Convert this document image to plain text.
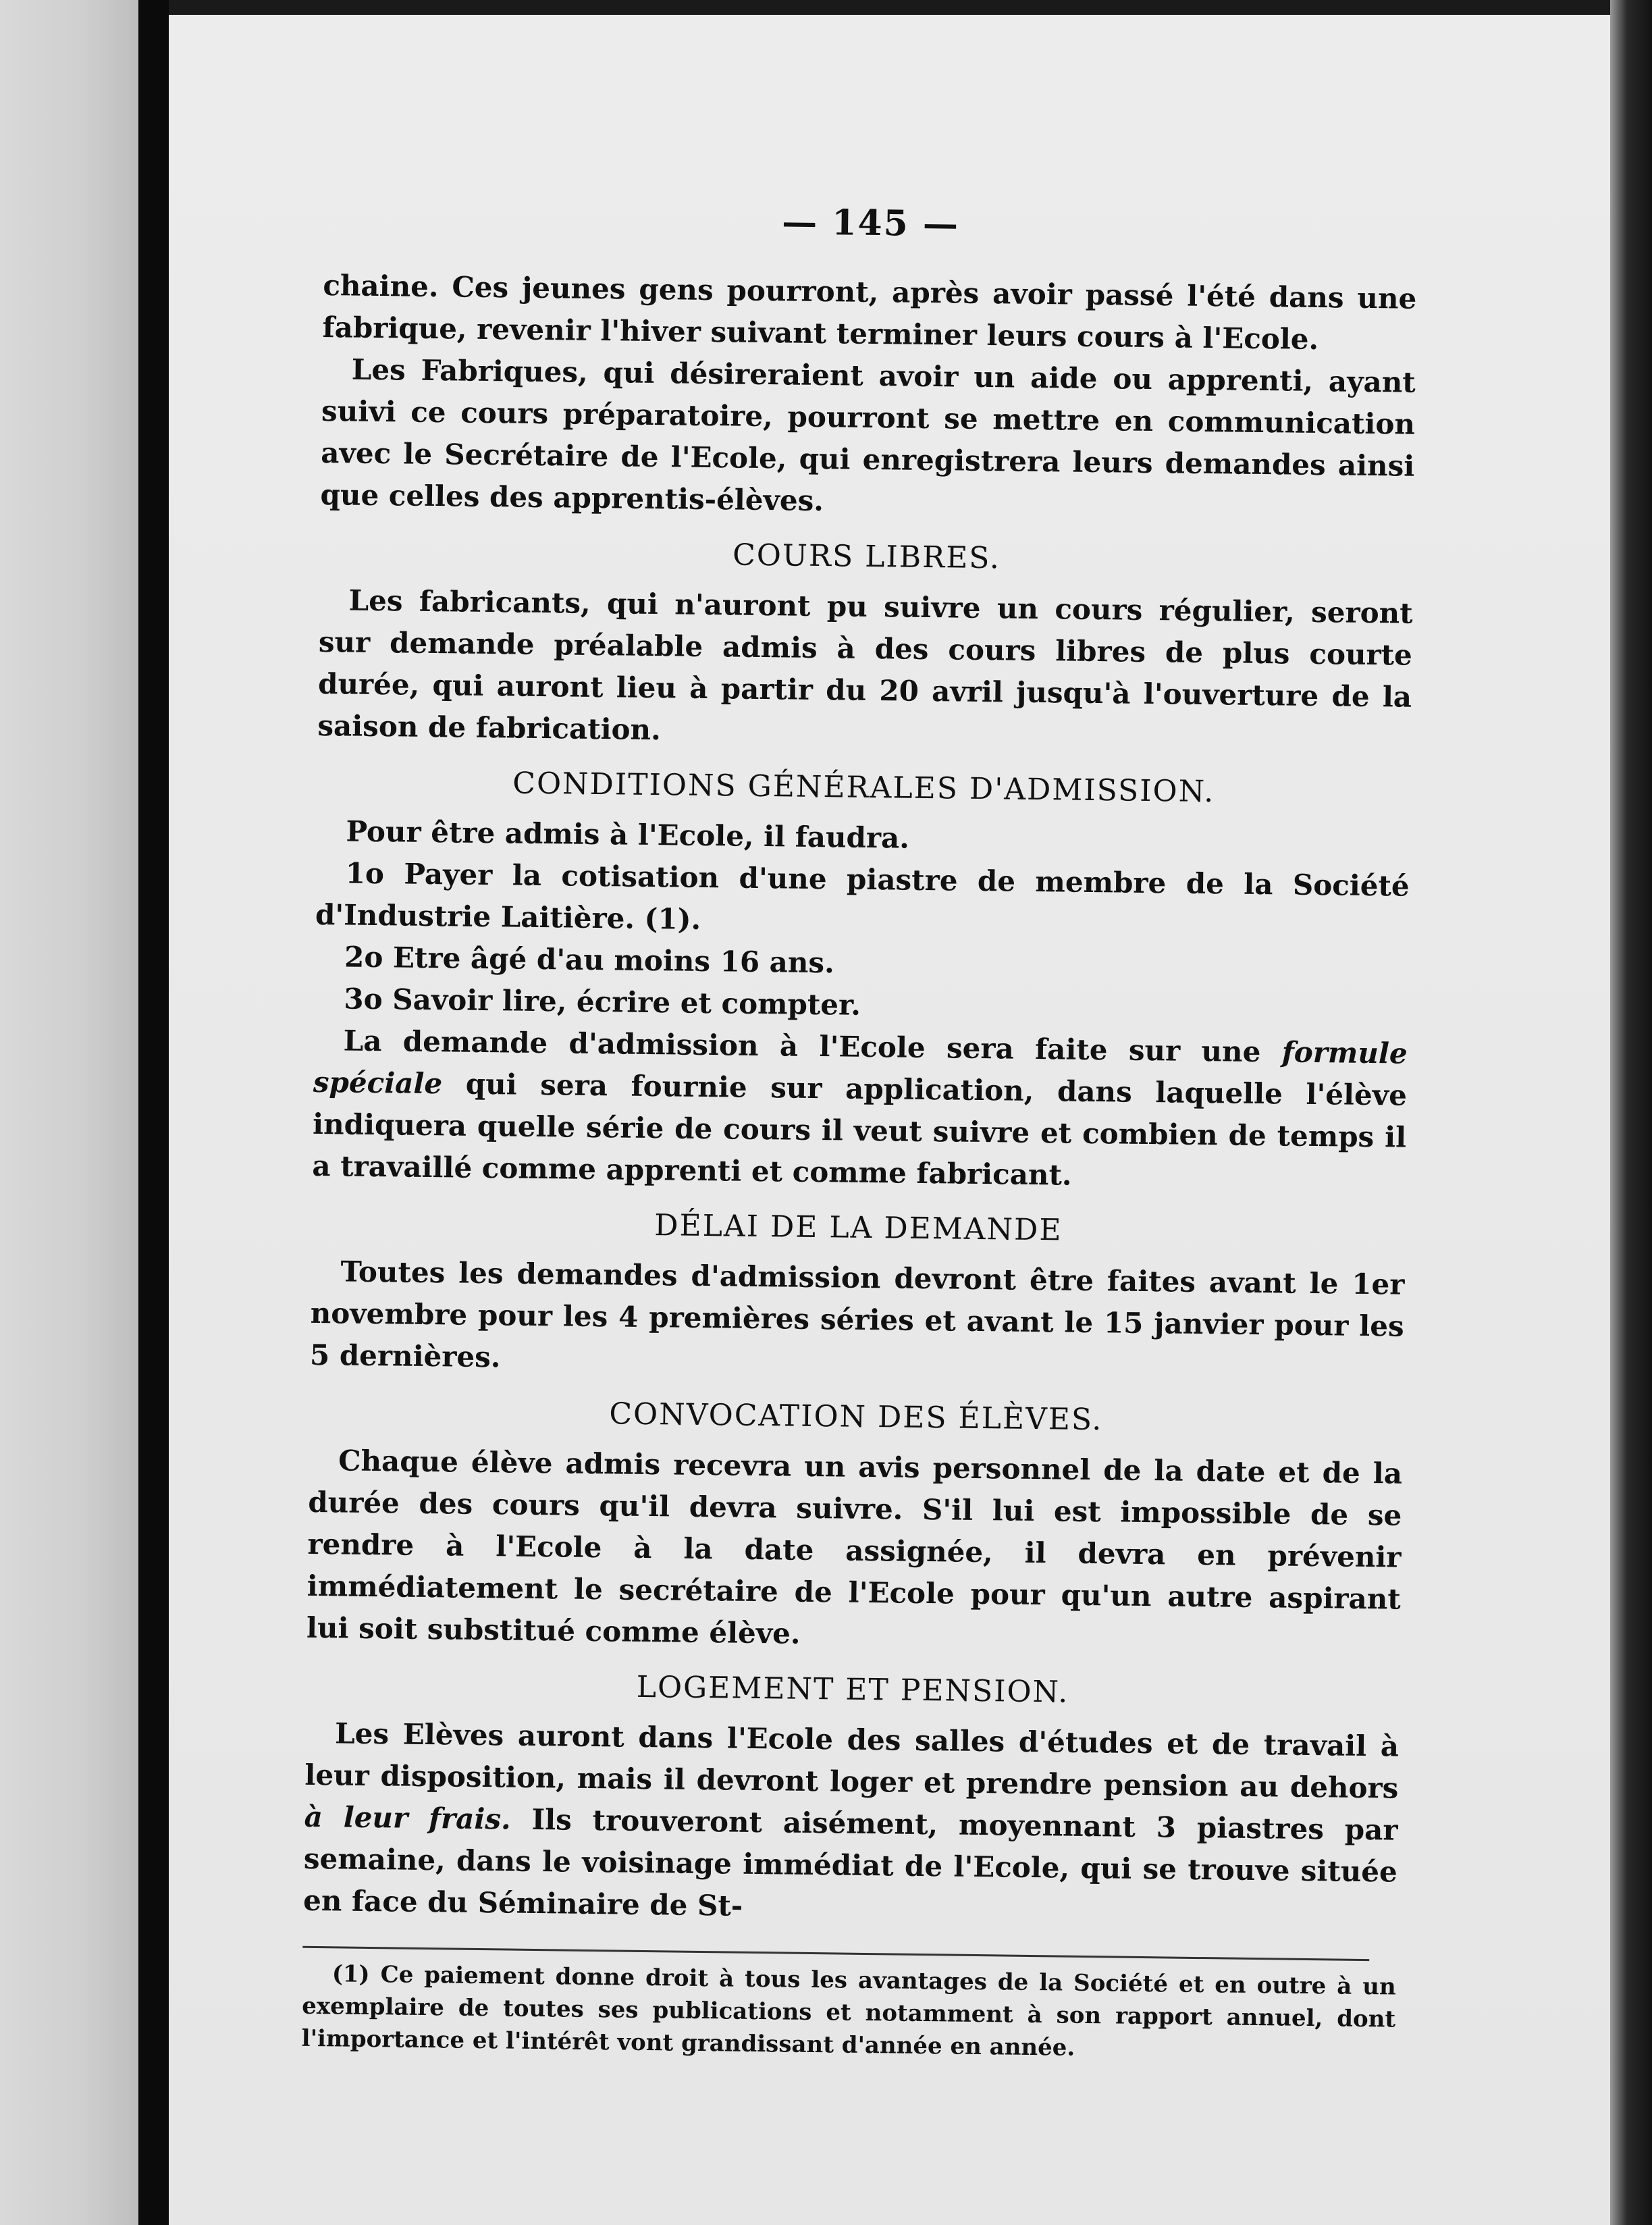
— 145 —

chaine. Ces jeunes gens pourront, après avoir passé l'été dans une fabrique, revenir l'hiver suivant terminer leurs cours à l'Ecole.

Les Fabriques, qui désireraient avoir un aide ou apprenti, ayant suivi ce cours préparatoire, pourront se mettre en communication avec le Secrétaire de l'Ecole, qui enregistrera leurs demandes ainsi que celles des apprentis-élèves.

COURS LIBRES.

Les fabricants, qui n'auront pu suivre un cours régulier, seront sur demande préalable admis à des cours libres de plus courte durée, qui auront lieu à partir du 20 avril jusqu'à l'ouverture de la saison de fabrication.

CONDITIONS GÉNÉRALES D'ADMISSION.

Pour être admis à l'Ecole, il faudra.

1o Payer la cotisation d'une piastre de membre de la Société d'Industrie Laitière. (1).

2o Etre âgé d'au moins 16 ans.

3o Savoir lire, écrire et compter.

La demande d'admission à l'Ecole sera faite sur une formule spéciale qui sera fournie sur application, dans laquelle l'élève indiquera quelle série de cours il veut suivre et combien de temps il a travaillé comme apprenti et comme fabricant.

DÉLAI DE LA DEMANDE

Toutes les demandes d'admission devront être faites avant le 1er novembre pour les 4 premières séries et avant le 15 janvier pour les 5 dernières.

CONVOCATION DES ÉLÈVES.

Chaque élève admis recevra un avis personnel de la date et de la durée des cours qu'il devra suivre. S'il lui est impossible de se rendre à l'Ecole à la date assignée, il devra en prévenir immédiatement le secrétaire de l'Ecole pour qu'un autre aspirant lui soit substitué comme élève.

LOGEMENT ET PENSION.

Les Elèves auront dans l'Ecole des salles d'études et de travail à leur disposition, mais il devront loger et prendre pension au dehors à leur frais. Ils trouveront aisément, moyennant 3 piastres par semaine, dans le voisinage immédiat de l'Ecole, qui se trouve située en face du Séminaire de St-

(1) Ce paiement donne droit à tous les avantages de la Société et en outre à un exemplaire de toutes ses publications et notamment à son rapport annuel, dont l'importance et l'intérêt vont grandissant d'année en année.
